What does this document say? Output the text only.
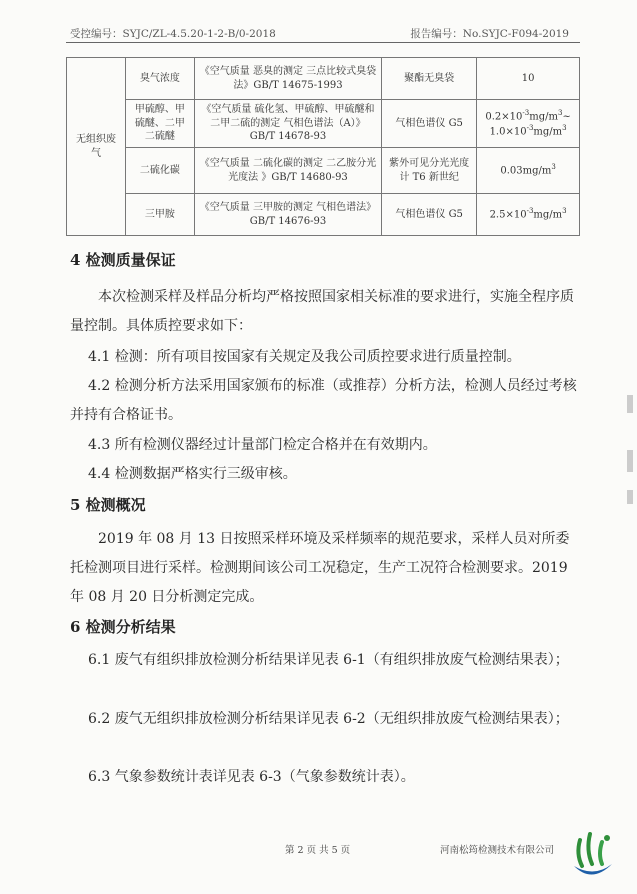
受控编号：SYJC/ZL-4.5.20-1-2-B/0-2018	报告编号：No.SYJC-F094-2019
无组织废气	臭气浓度	《空气质量 恶臭的测定 三点比较式臭袋法》GB/T 14675-1993	聚酯无臭袋	10
	甲硫醇、甲硫醚、二甲二硫醚	《空气质量 硫化氢、甲硫醇、甲硫醚和二甲二硫的测定 气相色谱法（A）》GB/T 14678-93	气相色谱仪 G5	$0.2\times 10^{-3}mg/m^3\sim$
$1.0\times 10^{-3}mg/m^3$
	二硫化碳	《空气质量 二硫化碳的测定 二乙胺分光光度法 》GB/T 14680-93	紫外可见分光光度计 T6 新世纪	$0.03mg/m^3$
	三甲胺	《空气质量 三甲胺的测定 气相色谱法》GB/T 14676-93	气相色谱仪 G5	$2.5\times 10^{-3}mg/m^3$
4 检测质量保证
本次检测采样及样品分析均严格按照国家相关标准的要求进行，实施全程序质量控制。具体质控要求如下：
4.1 检测：所有项目按国家有关规定及我公司质控要求进行质量控制。
4.2 检测分析方法采用国家颁布的标准（或推荐）分析方法，检测人员经过考核并持有合格证书。
4.3 所有检测仪器经过计量部门检定合格并在有效期内。
4.4 检测数据严格实行三级审核。
5 检测概况
2019 年 08 月 13 日按照采样环境及采样频率的规范要求，采样人员对所委托检测项目进行采样。检测期间该公司工况稳定，生产工况符合检测要求。2019 年 08 月 20 日分析测定完成。
6 检测分析结果
6.1 废气有组织排放检测分析结果详见表 6-1（有组织排放废气检测结果表）；
6.2 废气无组织排放检测分析结果详见表 6-2（无组织排放废气检测结果表）；
6.3 气象参数统计表详见表 6-3（气象参数统计表）。
第 2 页 共 5 页	河南松筠检测技术有限公司
